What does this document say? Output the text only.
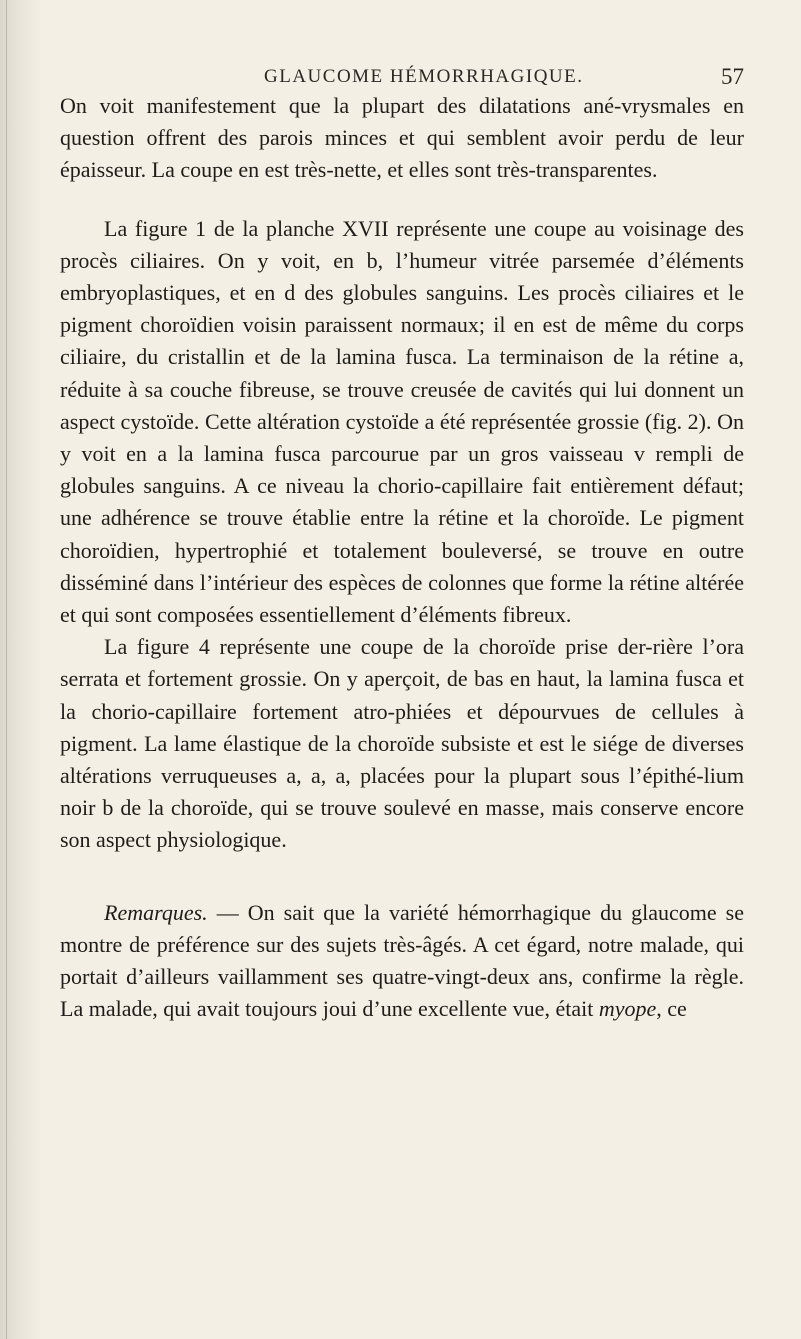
GLAUCOME HÉMORRHAGIQUE.	57

On voit manifestement que la plupart des dilatations ané-vrysmales en question offrent des parois minces et qui semblent avoir perdu de leur épaisseur. La coupe en est très-nette, et elles sont très-transparentes.

La figure 1 de la planche XVII représente une coupe au voisinage des procès ciliaires. On y voit, en b, l’humeur vitrée parsemée d’éléments embryoplastiques, et en d des globules sanguins. Les procès ciliaires et le pigment choroïdien voisin paraissent normaux; il en est de même du corps ciliaire, du cristallin et de la lamina fusca. La terminaison de la rétine a, réduite à sa couche fibreuse, se trouve creusée de cavités qui lui donnent un aspect cystoïde. Cette altération cystoïde a été représentée grossie (fig. 2). On y voit en a la lamina fusca parcourue par un gros vaisseau v rempli de globules sanguins. A ce niveau la chorio-capillaire fait entièrement défaut; une adhérence se trouve établie entre la rétine et la choroïde. Le pigment choroïdien, hypertrophié et totalement bouleversé, se trouve en outre disséminé dans l’intérieur des espèces de colonnes que forme la rétine altérée et qui sont composées essentiellement d’éléments fibreux.

La figure 4 représente une coupe de la choroïde prise der-rière l’ora serrata et fortement grossie. On y aperçoit, de bas en haut, la lamina fusca et la chorio-capillaire fortement atro-phiées et dépourvues de cellules à pigment. La lame élastique de la choroïde subsiste et est le siége de diverses altérations verruqueuses a, a, a, placées pour la plupart sous l’épithé-lium noir b de la choroïde, qui se trouve soulevé en masse, mais conserve encore son aspect physiologique.

Remarques. — On sait que la variété hémorrhagique du glaucome se montre de préférence sur des sujets très-âgés. A cet égard, notre malade, qui portait d’ailleurs vaillamment ses quatre-vingt-deux ans, confirme la règle. La malade, qui avait toujours joui d’une excellente vue, était myope, ce
